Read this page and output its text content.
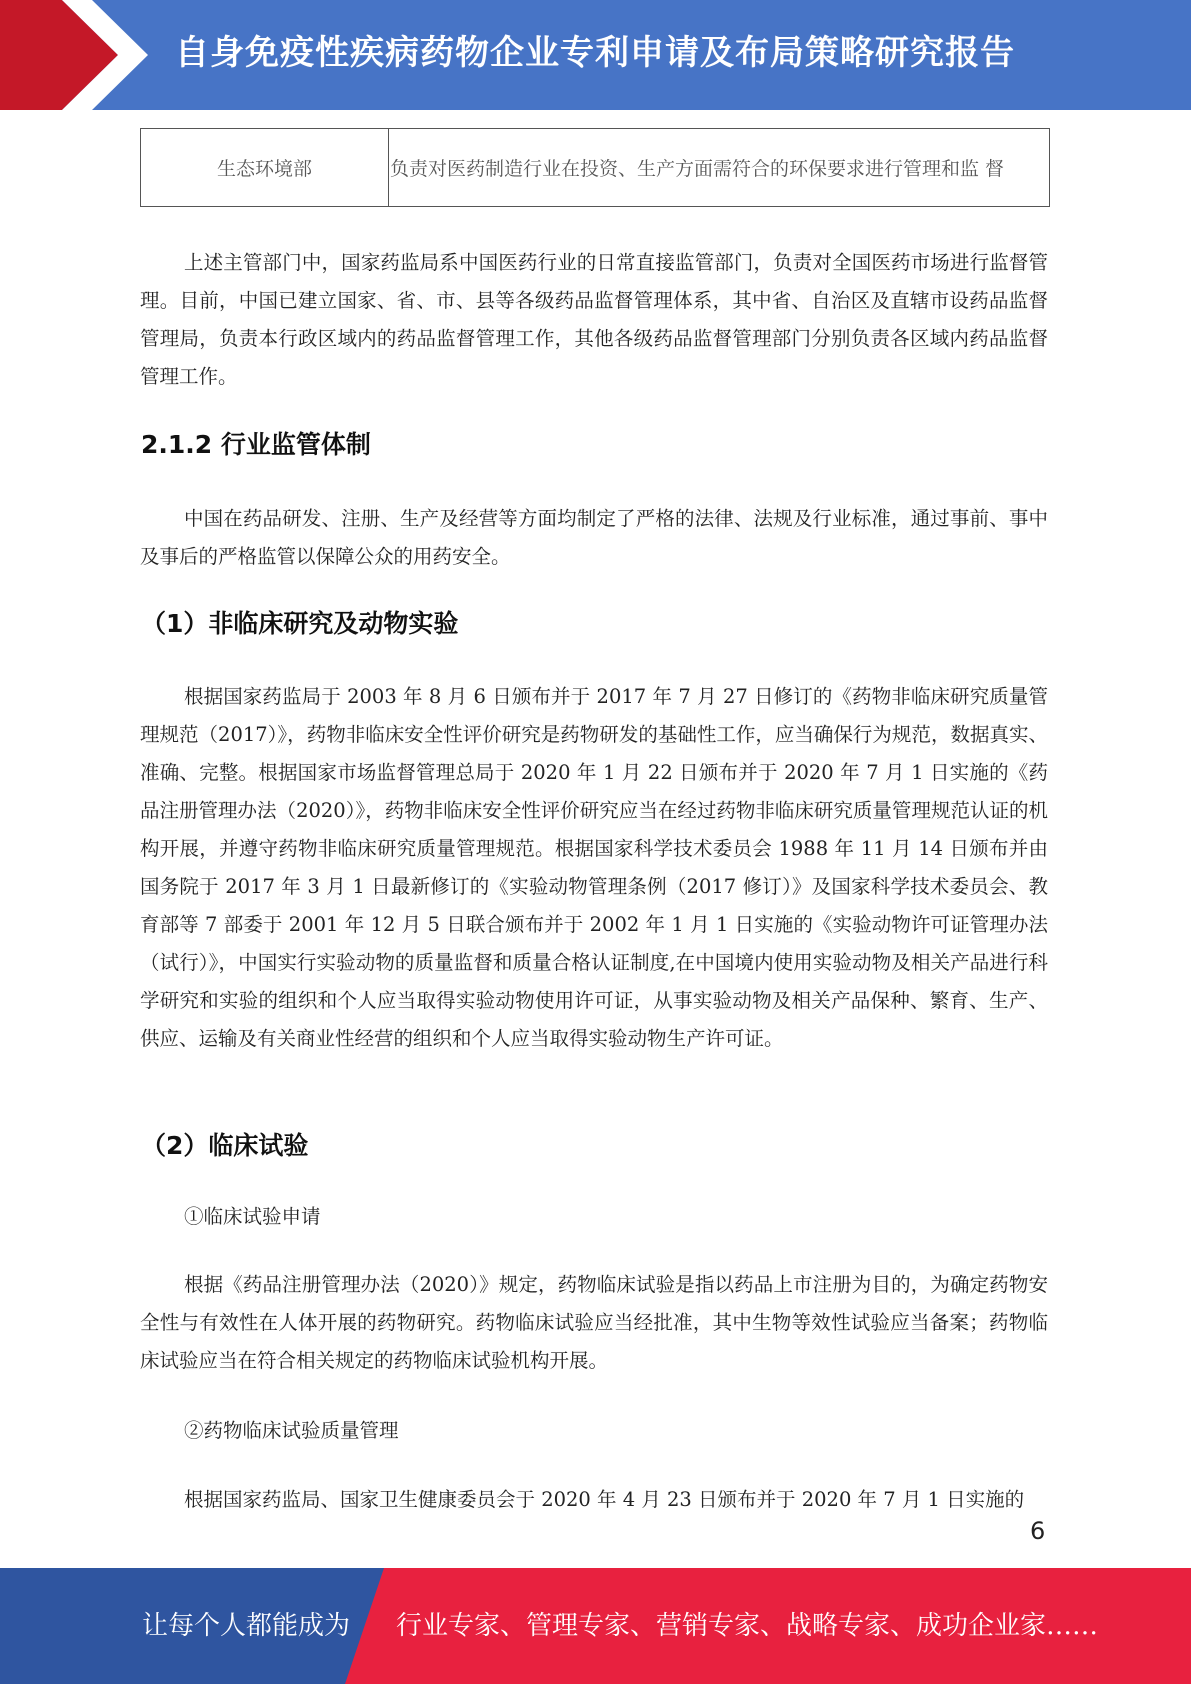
自身免疫性疾病药物企业专利申请及布局策略研究报告
生态环境部	负责对医药制造行业在投资、生产方面需符合的环保要求进行管理和监 督

上述主管部门中，国家药监局系中国医药行业的日常直接监管部门，负责对全国医药市场进行监督管理。目前，中国已建立国家、省、市、县等各级药品监督管理体系，其中省、自治区及直辖市设药品监督管理局，负责本行政区域内的药品监督管理工作，其他各级药品监督管理部门分别负责各区域内药品监督管理工作。

2.1.2 行业监管体制

中国在药品研发、注册、生产及经营等方面均制定了严格的法律、法规及行业标准，通过事前、事中及事后的严格监管以保障公众的用药安全。

（1）非临床研究及动物实验

根据国家药监局于 2003 年 8 月 6 日颁布并于 2017 年 7 月 27 日修订的《药物非临床研究质量管理规范（2017）》，药物非临床安全性评价研究是药物研发的基础性工作，应当确保行为规范，数据真实、准确、完整。根据国家市场监督管理总局于 2020 年 1 月 22 日颁布并于 2020 年 7 月 1 日实施的《药品注册管理办法（2020）》，药物非临床安全性评价研究应当在经过药物非临床研究质量管理规范认证的机构开展，并遵守药物非临床研究质量管理规范。根据国家科学技术委员会 1988 年 11 月 14 日颁布并由国务院于 2017 年 3 月 1 日最新修订的《实验动物管理条例（2017 修订）》及国家科学技术委员会、教育部等 7 部委于 2001 年 12 月 5 日联合颁布并于 2002 年 1 月 1 日实施的《实验动物许可证管理办法（试行）》，中国实行实验动物的质量监督和质量合格认证制度,在中国境内使用实验动物及相关产品进行科学研究和实验的组织和个人应当取得实验动物使用许可证，从事实验动物及相关产品保种、繁育、生产、供应、运输及有关商业性经营的组织和个人应当取得实验动物生产许可证。

（2）临床试验

①临床试验申请

根据《药品注册管理办法（2020）》规定，药物临床试验是指以药品上市注册为目的，为确定药物安全性与有效性在人体开展的药物研究。药物临床试验应当经批准，其中生物等效性试验应当备案；药物临床试验应当在符合相关规定的药物临床试验机构开展。

②药物临床试验质量管理

根据国家药监局、国家卫生健康委员会于 2020 年 4 月 23 日颁布并于 2020 年 7 月 1 日实施的

6
让每个人都能成为 行业专家、管理专家、营销专家、战略专家、成功企业家……
